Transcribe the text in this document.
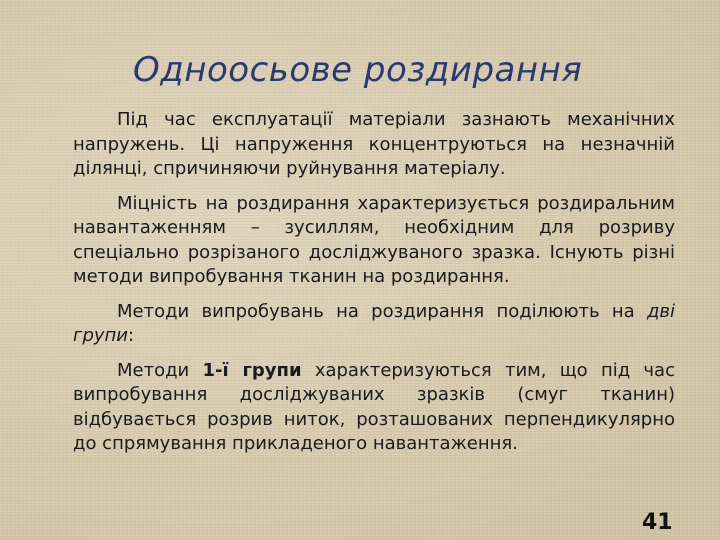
Одноосьове роздирання

Під час експлуатації матеріали зазнають механічних напружень. Ці напруження концентруються на незначній ділянці, спричиняючи руйнування матеріалу.

Міцність на роздирання характеризується роздиральним навантаженням – зусиллям, необхідним для розриву спеціально розрізаного досліджуваного зразка. Існують різні методи випробування тканин на роздирання.

Методи випробувань на роздирання поділюють на дві групи:

Методи 1-ї групи характеризуються тим, що під час випробування досліджуваних зразків (смуг тканин) відбувається розрив ниток, розташованих перпендикулярно до спрямування прикладеного навантаження.

41
